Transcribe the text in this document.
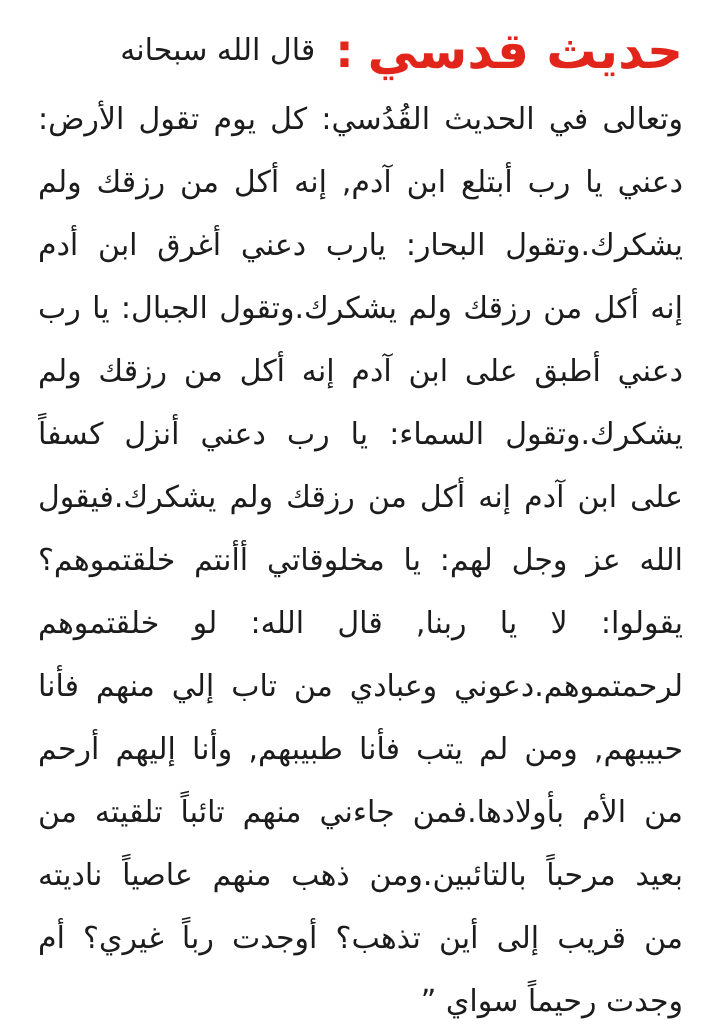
حديث قدسي
:
قال الله سبحانه
وتعالى في الحديث القُدُسي: كل يوم تقول الأرض:
دعني يا رب أبتلع ابن آدم, إنه أكل من رزقك ولم
يشكرك.وتقول البحار: يارب دعني أغرق ابن أدم
إنه أكل من رزقك ولم يشكرك.وتقول الجبال: يا رب
دعني أطبق على ابن آدم إنه أكل من رزقك ولم
يشكرك.وتقول السماء: يا رب دعني أنزل كسفاً
على ابن آدم إنه أكل من رزقك ولم يشكرك.فيقول
الله عز وجل لهم: يا مخلوقاتي أأنتم خلقتموهم؟
يقولوا: لا يا ربنا, قال الله: لو خلقتموهم
لرحمتموهم.دعوني وعبادي من تاب إلي منهم فأنا
حبيبهم, ومن لم يتب فأنا طبيبهم, وأنا إليهم أرحم
من الأم بأولادها.فمن جاءني منهم تائباً تلقيته من
بعيد مرحباً بالتائبين.ومن ذهب منهم عاصياً ناديته
من قريب إلى أين تذهب؟ أوجدت رباً غيري؟ أم
وجدت رحيماً سواي ”
